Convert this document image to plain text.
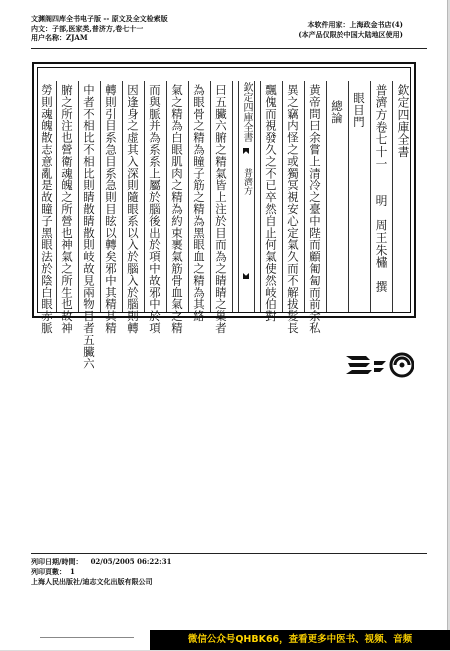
文渊阁四库全书电子版 -- 原文及全文检索版
内文：子部,医家类,普济方,卷七十一
用户名称：ZJAM
本软件用家：上海政金书店(4)
(本产品仅限於中国大陆地区使用)
欽定四庫全書
普濟方卷七十一　　明　周王朱橚　撰
眼目門
總論
黄帝問曰余嘗上清冷之臺中陛而顧匍匐而前余私
異之竊内怪之或獨冥視安心定氣久而不解拔髮長
飄傀而視發久之不已卒然自止何氣使然岐伯對
曰五臟六腑之精氣皆上注於目而為之睛睛之巢者
為眼骨之精為瞳子筋之精為黑眼血之精為其絡
氣之精為白眼肌肉之精為約束裹氣筋骨血氣之精
而與脈并為系系上屬於腦後出於項中故邪中於項
因逢身之虚其入深則隨眼系以入於腦入於腦則轉
轉則引目系急目系急則目眩以轉矣邪中其精其精
中者不相比不相比則睛散睛散則岐故見兩物目者五臟六
腑之所注也營衛魂魄之所營也神氣之所生也故神
勞則魂魄散志意亂是故瞳子黑眼法於陰白眼赤脈	欽定四庫全書
普濟方
列印日期/時間： 02/05/2005 06:22:31
列印頁數： 1
上海人民出版社/迪志文化出版有限公司
微信公众号QHBK66，查看更多中医书、视频、音频
